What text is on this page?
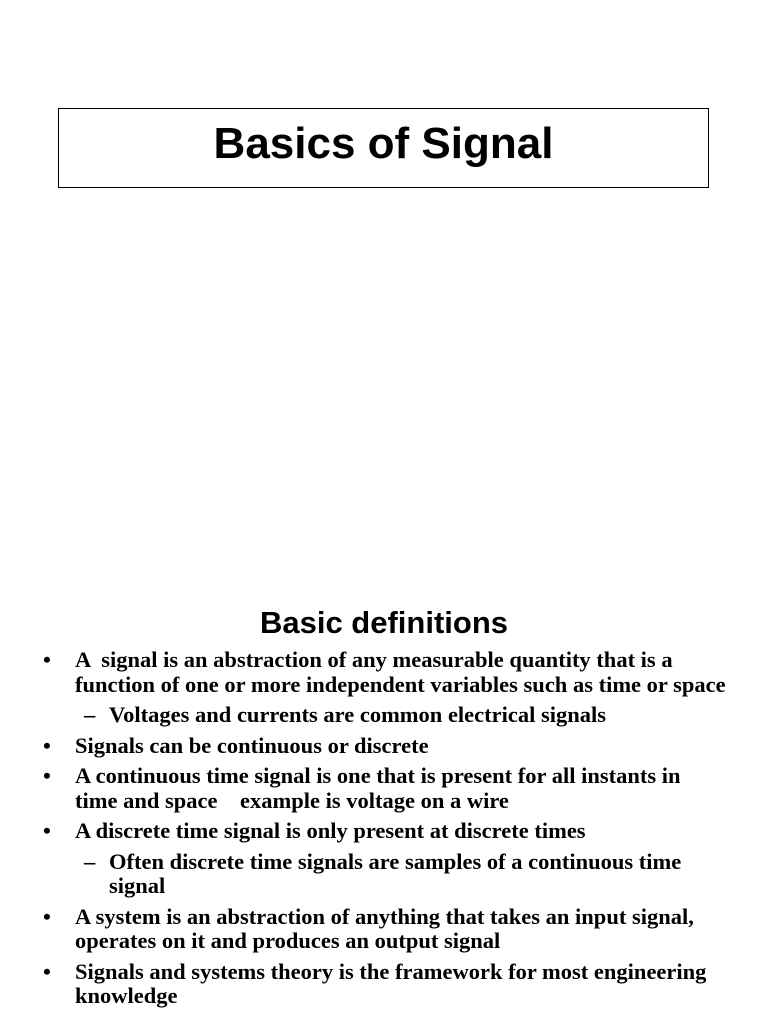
Basics of Signal
Basic definitions
• A  signal is an abstraction of any measurable quantity that is a function of one or more independent variables such as time or space
– Voltages and currents are common electrical signals
• Signals can be continuous or discrete
• A continuous time signal is one that is present for all instants in time and space    example is voltage on a wire
• A discrete time signal is only present at discrete times
– Often discrete time signals are samples of a continuous time signal
• A system is an abstraction of anything that takes an input signal, operates on it and produces an output signal
• Signals and systems theory is the framework for most engineering knowledge
